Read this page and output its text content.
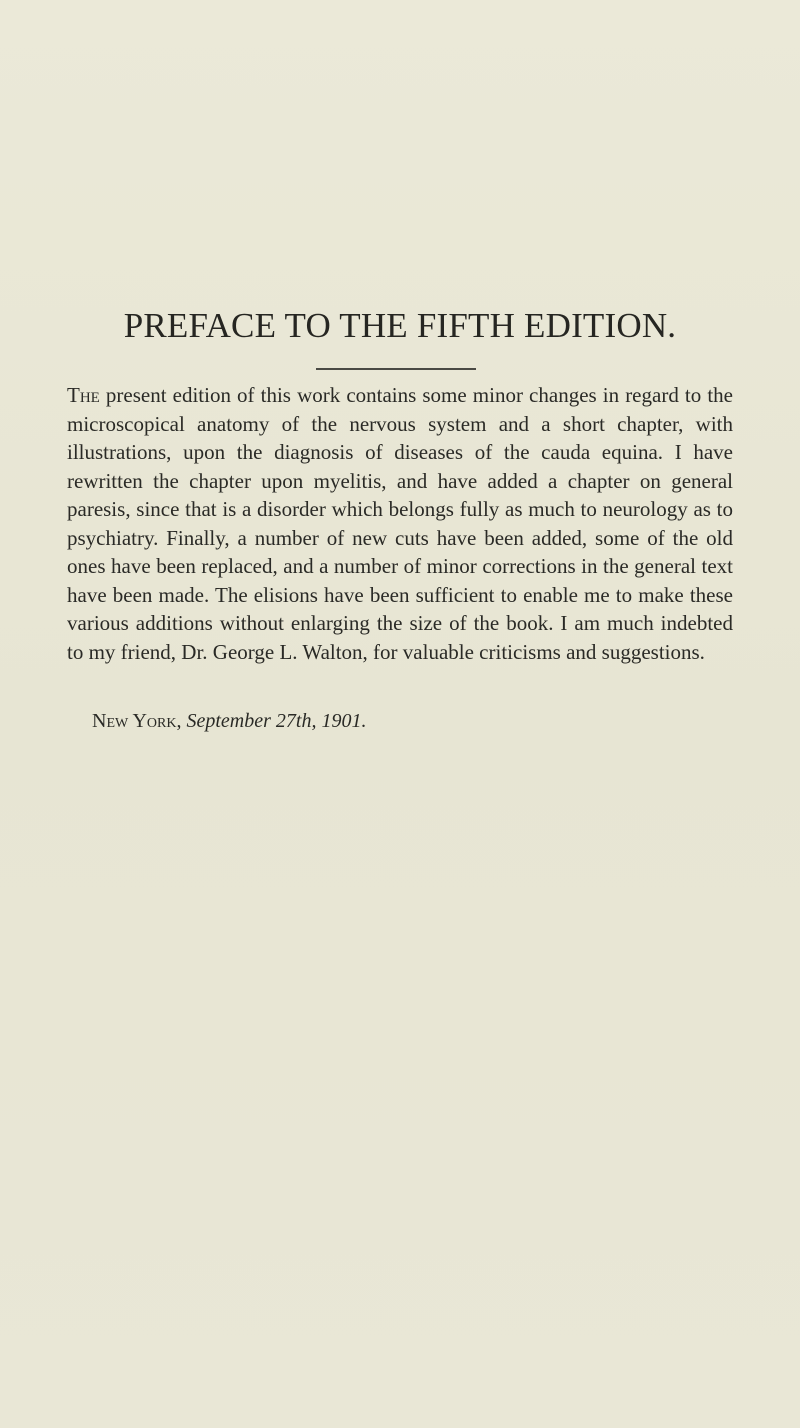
PREFACE TO THE FIFTH EDITION.

The present edition of this work contains some minor changes in regard to the microscopical anatomy of the nervous system and a short chapter, with illustrations, upon the diagnosis of diseases of the cauda equina. I have rewritten the chapter upon myelitis, and have added a chapter on general paresis, since that is a disorder which belongs fully as much to neurology as to psychiatry. Finally, a number of new cuts have been added, some of the old ones have been replaced, and a number of minor corrections in the general text have been made. The elisions have been sufficient to enable me to make these various additions without enlarging the size of the book. I am much indebted to my friend, Dr. George L. Walton, for valuable criticisms and suggestions.

New York, September 27th, 1901.
